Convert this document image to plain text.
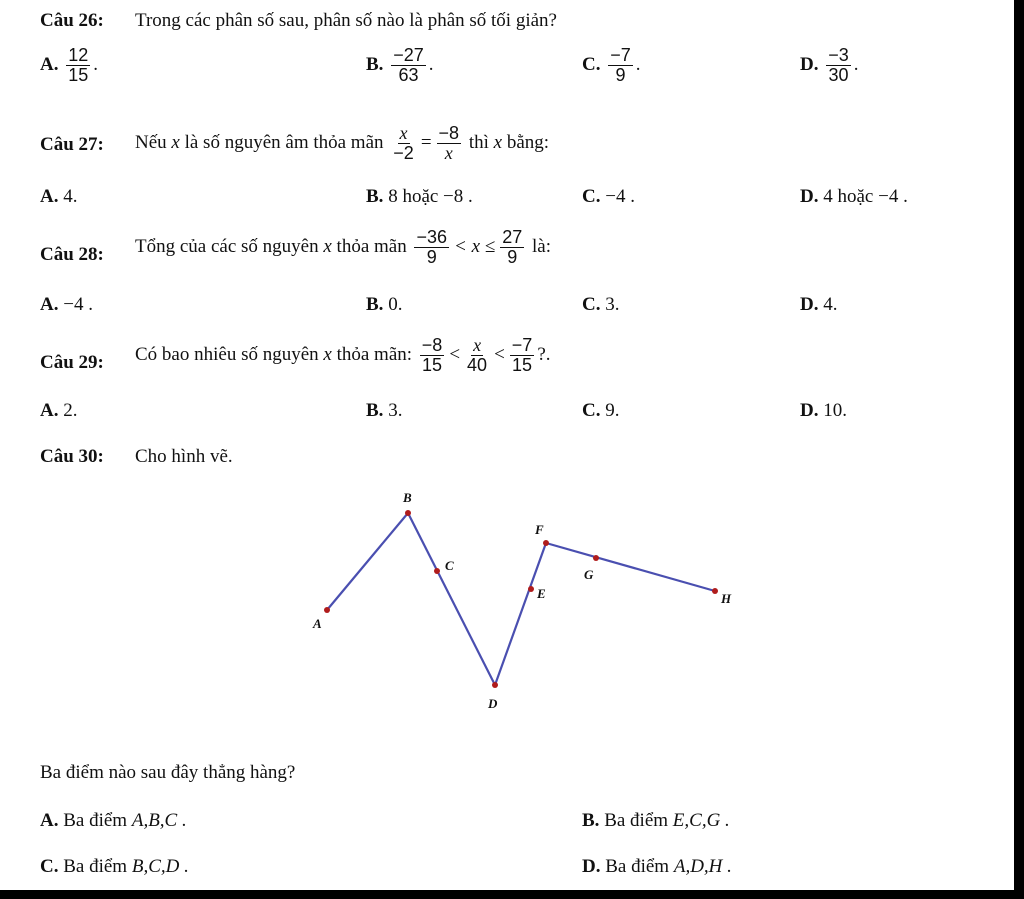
Câu 26: Trong các phân số sau, phân số nào là phân số tối giản?
A. $\frac{12}{15}$ .	B. $\frac{-27}{63}$ .	C. $\frac{-7}{9}$ .	D. $\frac{-3}{30}$ .
Câu 27: Nếu x là số nguyên âm thỏa mãn $\frac{x}{-2} = \frac{-8}{x}$ thì x bằng:
A. 4.	B. 8 hoặc −8 .	C. −4 .	D. 4 hoặc −4 .
Câu 28: Tổng của các số nguyên x thỏa mãn $\frac{-36}{9} < x \le \frac{27}{9}$ là:
A. −4 .	B. 0.	C. 3.	D. 4.
Câu 29: Có bao nhiêu số nguyên x thỏa mãn: $\frac{-8}{15} < \frac{x}{40} < \frac{-7}{15}$ ?.
A. 2.	B. 3.	C. 9.	D. 10.
Câu 30: Cho hình vẽ.
A
B
C
D
E
F
G
H
Ba điểm nào sau đây thẳng hàng?
A. Ba điểm A,B,C .	B. Ba điểm E,C,G .
C. Ba điểm B,C,D .	D. Ba điểm A,D,H .
